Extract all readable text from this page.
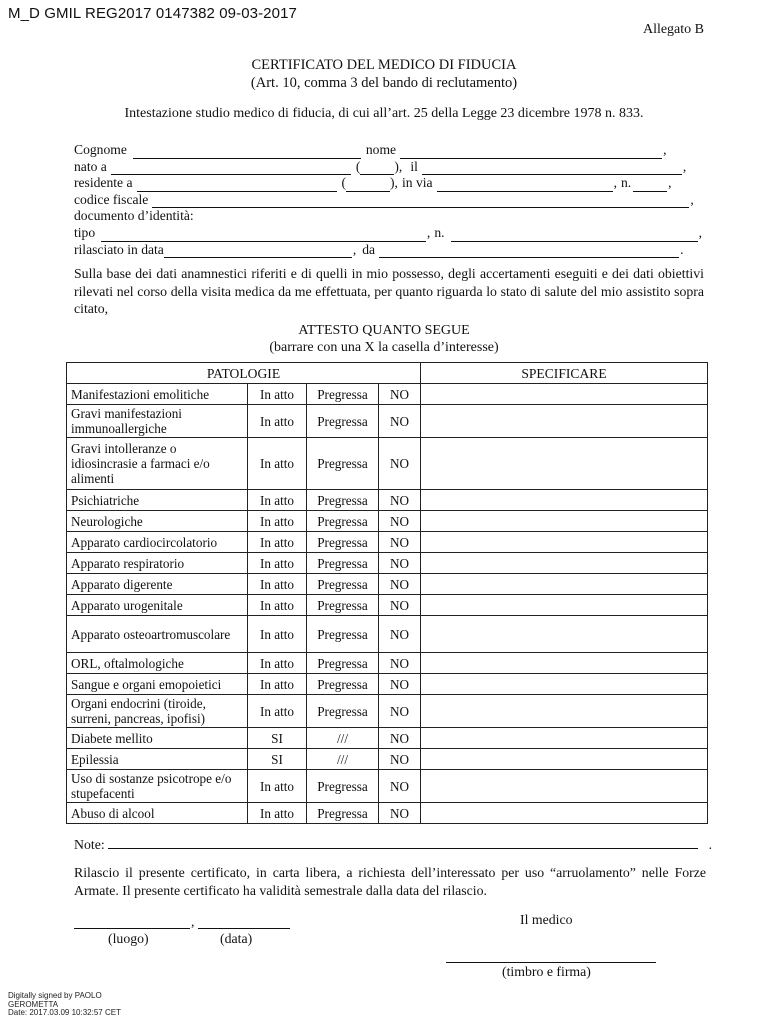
M_D GMIL REG2017 0147382 09-03-2017
Allegato B
CERTIFICATO DEL MEDICO DI FIDUCIA
(Art. 10, comma 3 del bando di reclutamento)
Intestazione studio medico di fiducia, di cui all’art. 25 della Legge 23 dicembre 1978 n. 833.
Cognome	nome	,
nato a	(	), il	,
residente a	(	), in via	, n.	,
codice fiscale	,
documento d’identità:
tipo	, n.	,
rilasciato in data	, da	.
Sulla base dei dati anamnestici riferiti e di quelli in mio possesso, degli accertamenti eseguiti e dei dati obiettivi rilevati nel corso della visita medica da me effettuata, per quanto riguarda lo stato di salute del mio assistito sopra citato,
ATTESTO QUANTO SEGUE
(barrare con una X la casella d’interesse)
PATOLOGIE				SPECIFICARE
Manifestazioni emolitiche	In atto	Pregressa	NO	
Gravi manifestazioni immunoallergiche	In atto	Pregressa	NO	
Gravi intolleranze o idiosincrasie a farmaci e/o alimenti	In atto	Pregressa	NO	
Psichiatriche	In atto	Pregressa	NO	
Neurologiche	In atto	Pregressa	NO	
Apparato cardiocircolatorio	In atto	Pregressa	NO	
Apparato respiratorio	In atto	Pregressa	NO	
Apparato digerente	In atto	Pregressa	NO	
Apparato urogenitale	In atto	Pregressa	NO	
Apparato osteoartromuscolare	In atto	Pregressa	NO	
ORL, oftalmologiche	In atto	Pregressa	NO	
Sangue e organi emopoietici	In atto	Pregressa	NO	
Organi endocrini (tiroide, surreni, pancreas, ipofisi)	In atto	Pregressa	NO	
Diabete mellito	SI	///	NO	
Epilessia	SI	///	NO	
Uso di sostanze psicotrope e/o stupefacenti	In atto	Pregressa	NO	
Abuso di alcool	In atto	Pregressa	NO	
Note:	.
Rilascio il presente certificato, in carta libera, a richiesta dell’interessato per uso “arruolamento” nelle Forze Armate. Il presente certificato ha validità semestrale dalla data del rilascio.
,
(luogo)	(data)
Il medico
(timbro e firma)
Digitally signed by PAOLO
GEROMETTA
Date: 2017.03.09 10:32:57 CET
